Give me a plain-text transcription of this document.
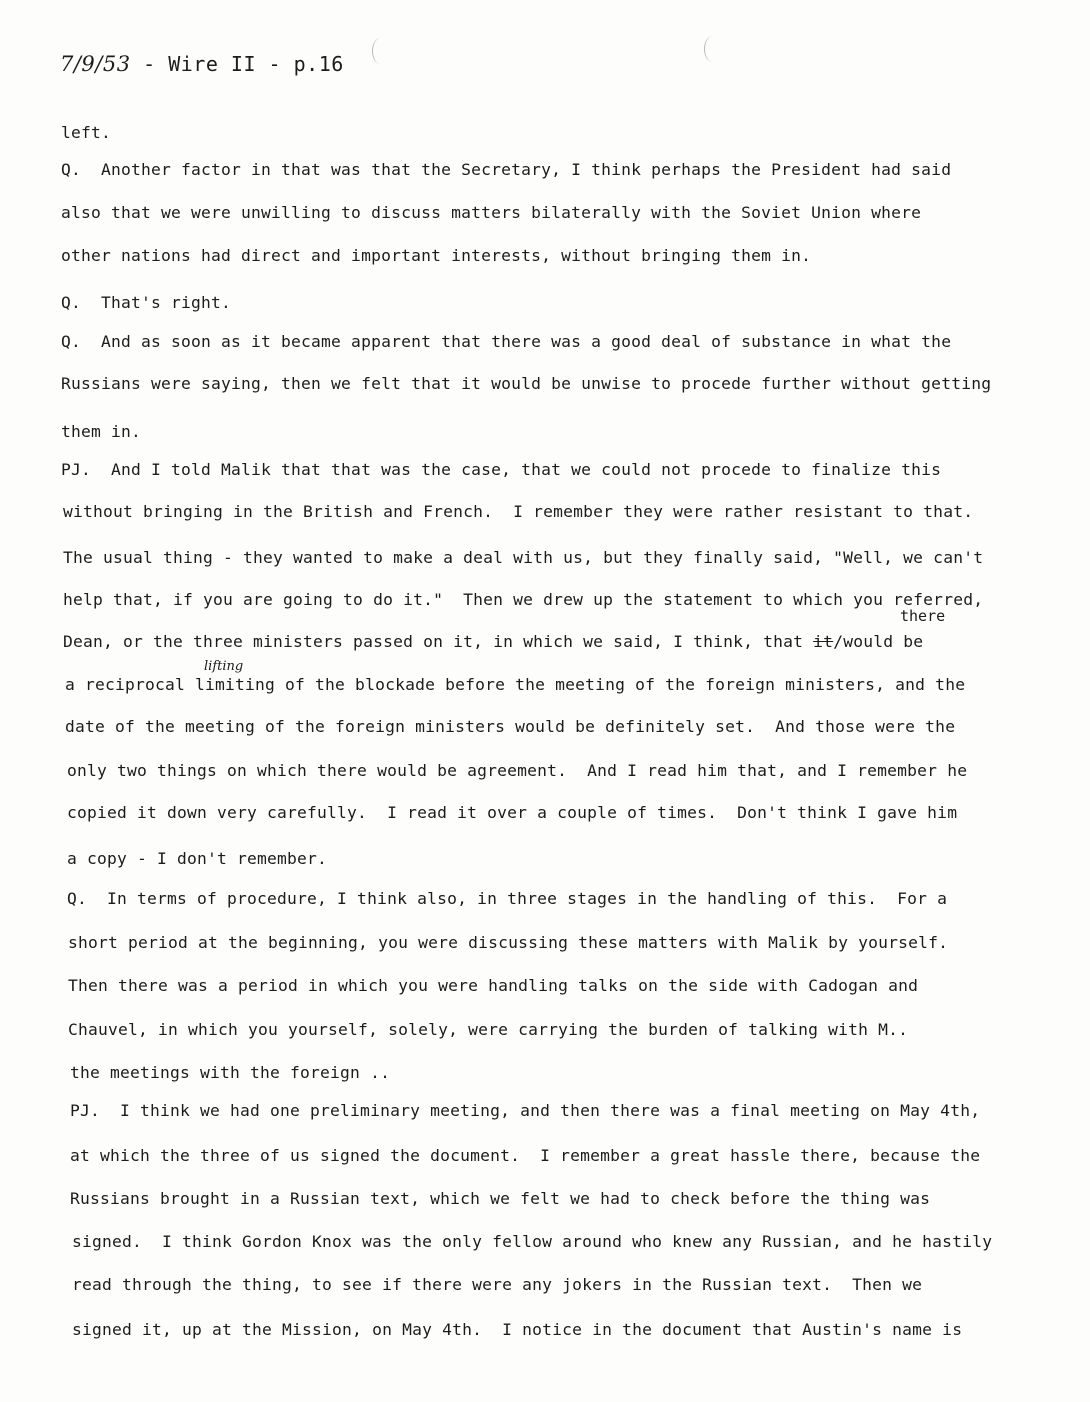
7/9/53 - Wire II - p.16
left.
Q.  Another factor in that was that the Secretary, I think perhaps the President had said
also that we were unwilling to discuss matters bilaterally with the Soviet Union where
other nations had direct and important interests, without bringing them in.
Q.  That's right.
Q.  And as soon as it became apparent that there was a good deal of substance in what the
Russians were saying, then we felt that it would be unwise to procede further without getting
them in.
PJ.  And I told Malik that that was the case, that we could not procede to finalize this
without bringing in the British and French.  I remember they were rather resistant to that.
The usual thing - they wanted to make a deal with us, but they finally said, "Well, we can't
help that, if you are going to do it."  Then we drew up the statement to which you referred,
there
Dean, or the three ministers passed on it, in which we said, I think, that it/would be
lifting
a reciprocal limiting of the blockade before the meeting of the foreign ministers, and the
date of the meeting of the foreign ministers would be definitely set.  And those were the
only two things on which there would be agreement.  And I read him that, and I remember he
copied it down very carefully.  I read it over a couple of times.  Don't think I gave him
a copy - I don't remember.
Q.  In terms of procedure, I think also, in three stages in the handling of this.  For a
short period at the beginning, you were discussing these matters with Malik by yourself.
Then there was a period in which you were handling talks on the side with Cadogan and
Chauvel, in which you yourself, solely, were carrying the burden of talking with M..
the meetings with the foreign ..
PJ.  I think we had one preliminary meeting, and then there was a final meeting on May 4th,
at which the three of us signed the document.  I remember a great hassle there, because the
Russians brought in a Russian text, which we felt we had to check before the thing was
signed.  I think Gordon Knox was the only fellow around who knew any Russian, and he hastily
read through the thing, to see if there were any jokers in the Russian text.  Then we
signed it, up at the Mission, on May 4th.  I notice in the document that Austin's name is
